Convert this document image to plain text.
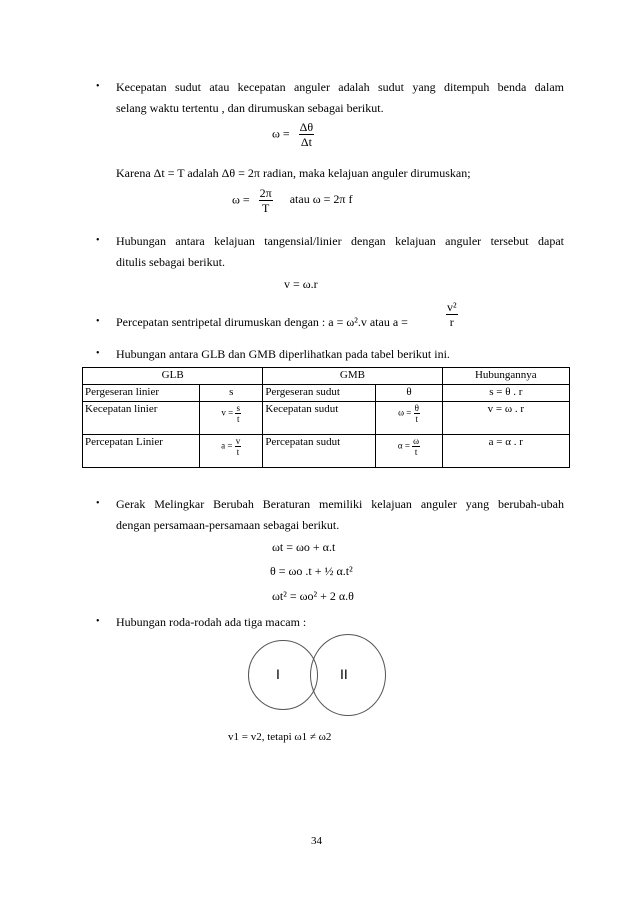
• Kecepatan sudut atau kecepatan anguler adalah sudut yang ditempuh benda dalam
selang waktu tertentu , dan dirumuskan sebagai berikut.
$\omega = \frac{\Delta\theta}{\Delta t}$
Karena Δt = T adalah Δθ = 2π radian, maka kelajuan anguler dirumuskan;
$\omega = \frac{2\pi}{T}$ atau ω = 2π f
• Hubungan antara kelajuan tangensial/linier dengan kelajuan anguler tersebut dapat
ditulis sebagai berikut.
v = ω.r
• Percepatan sentripetal dirumuskan dengan : a = ω².v atau a =	$\frac{\text{v²}}{r}$
• Hubungan antara GLB dan GMB diperlihatkan pada tabel berikut ini.
GLB		GMB		Hubungannya
Pergeseran linier	s	Pergeseran sudut	θ	s = θ . r
Kecepatan linier	$v = \frac{s}{t}$	Kecepatan sudut	$\omega = \frac{\theta}{t}$	v = ω . r
Percepatan Linier	$a = \frac{v}{t}$	Percepatan sudut	$\alpha = \frac{\omega}{t}$	a = α . r
• Gerak Melingkar Berubah Beraturan memiliki kelajuan anguler yang berubah-ubah
dengan persamaan-persamaan sebagai berikut.
ωt = ωo + α.t
θ = ωo .t + ½ α.t²
ωt² = ωo² + 2 α.θ
• Hubungan roda-rodah ada tiga macam :
I	II
v1 = v2, tetapi ω1 ≠ ω2
34
